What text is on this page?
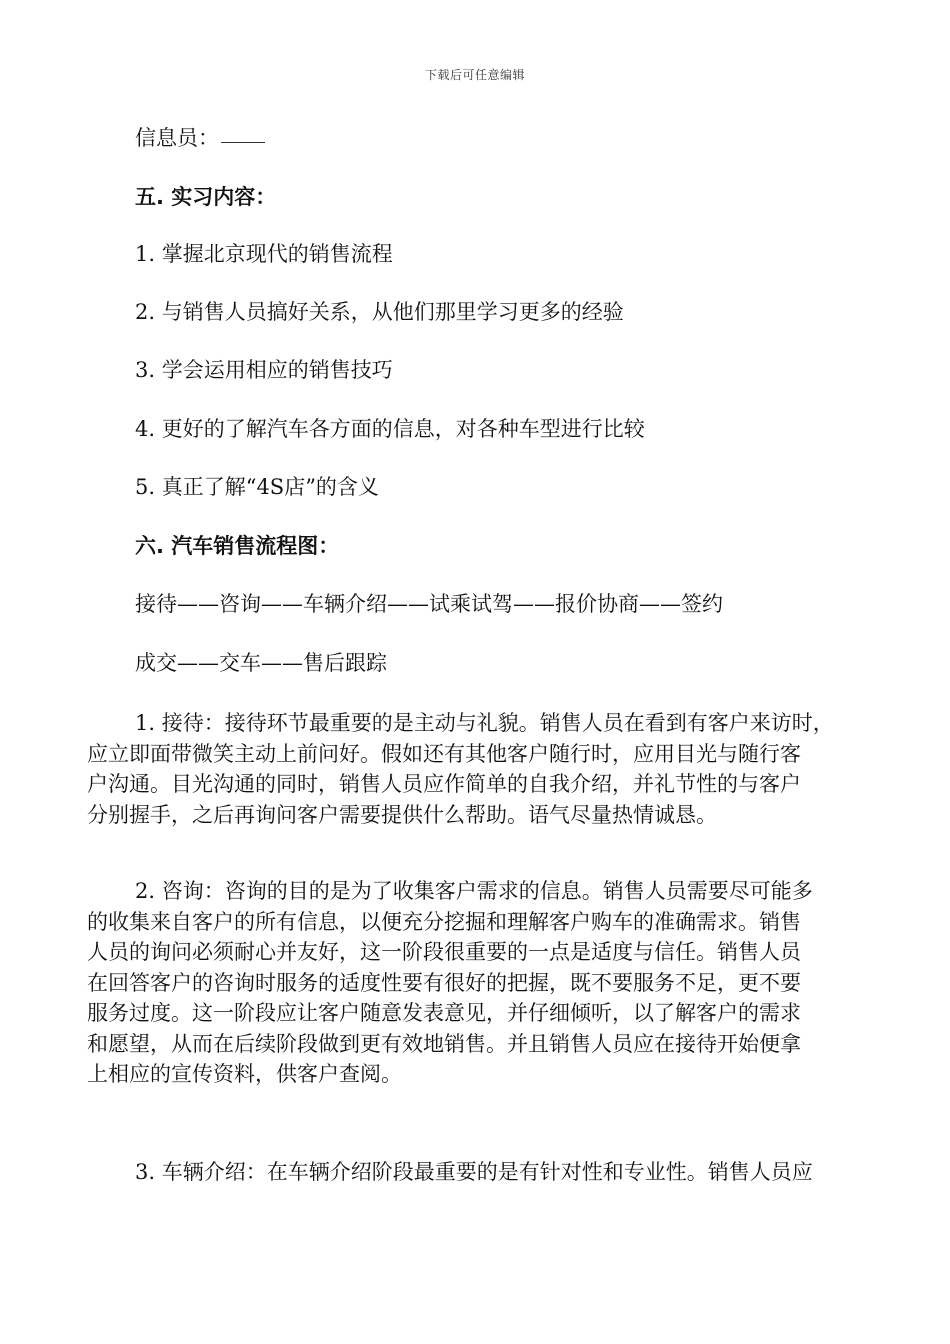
下载后可任意编辑
信息员：
五. 实习内容：
1. 掌握北京现代的销售流程
2. 与销售人员搞好关系，从他们那里学习更多的经验
3. 学会运用相应的销售技巧
4. 更好的了解汽车各方面的信息，对各种车型进行比较
5. 真正了解“4S店”的含义
六. 汽车销售流程图：
接待——咨询——车辆介绍——试乘试驾——报价协商——签约
成交——交车——售后跟踪
1. 接待：接待环节最重要的是主动与礼貌。销售人员在看到有客户来访时，
应立即面带微笑主动上前问好。假如还有其他客户随行时，应用目光与随行客
户沟通。目光沟通的同时，销售人员应作简单的自我介绍，并礼节性的与客户
分别握手，之后再询问客户需要提供什么帮助。语气尽量热情诚恳。
2. 咨询：咨询的目的是为了收集客户需求的信息。销售人员需要尽可能多
的收集来自客户的所有信息，以便充分挖掘和理解客户购车的准确需求。销售
人员的询问必须耐心并友好，这一阶段很重要的一点是适度与信任。销售人员
在回答客户的咨询时服务的适度性要有很好的把握，既不要服务不足，更不要
服务过度。这一阶段应让客户随意发表意见，并仔细倾听，以了解客户的需求
和愿望，从而在后续阶段做到更有效地销售。并且销售人员应在接待开始便拿
上相应的宣传资料，供客户查阅。
3. 车辆介绍：在车辆介绍阶段最重要的是有针对性和专业性。销售人员应
